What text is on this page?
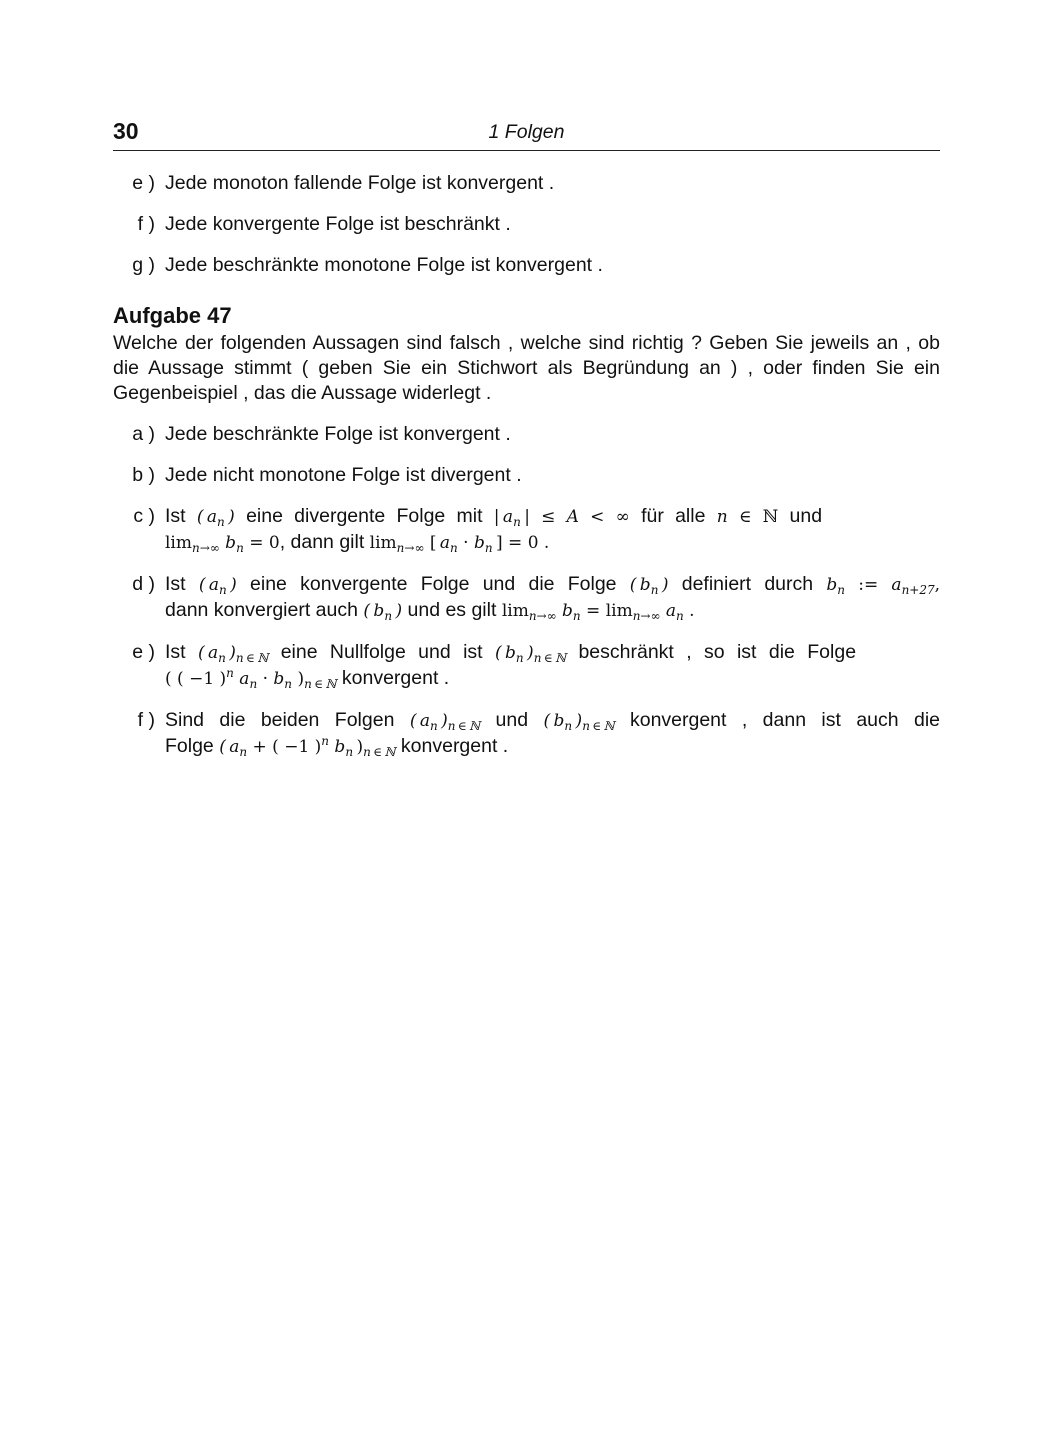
30	1 Folgen
e ) Jede monoton fallende Folge ist konvergent .
f ) Jede konvergente Folge ist beschränkt .
g ) Jede beschränkte monotone Folge ist konvergent .
Aufgabe 47
Welche der folgenden Aussagen sind falsch , welche sind richtig ? Geben Sie jeweils an , ob die Aussage stimmt ( geben Sie ein Stichwort als Begründung an ) , oder finden Sie ein Gegenbeispiel , das die Aussage widerlegt .
a ) Jede beschränkte Folge ist konvergent .
b ) Jede nicht monotone Folge ist divergent .
c ) Ist ( $a_n$ ) eine divergente Folge mit | $a_n$ | ≤ A < ∞ für alle n ∈ ℕ und
$\lim_{n\to\infty} b_n = 0$, dann gilt $\lim_{n\to\infty}$ [ $a_n \cdot b_n$  ] = 0 .
d ) Ist ( $a_n$ ) eine konvergente Folge und die Folge ( $b_n$ ) definiert durch $b_n$ := $a_{n+27}$,
dann konvergiert auch ( $b_n$ ) und es gilt $\lim_{n\to\infty} b_n = \lim_{n\to\infty} a_n$ .
e ) Ist ( $a_n$ )$_{n \in ℕ}$ eine Nullfolge und ist ( $b_n$ )$_{n \in ℕ}$ beschränkt , so ist die Folge
( ( −1 )$^n$ $a_n \cdot b_n$ )$_{n \in ℕ}$ konvergent .
f ) Sind die beiden Folgen ( $a_n$ )$_{n \in ℕ}$ und ( $b_n$ )$_{n \in ℕ}$ konvergent , dann ist auch die
Folge ( $a_n$ + ( −1 )$^n$ $b_n$  )$_{n \in ℕ}$ konvergent .
